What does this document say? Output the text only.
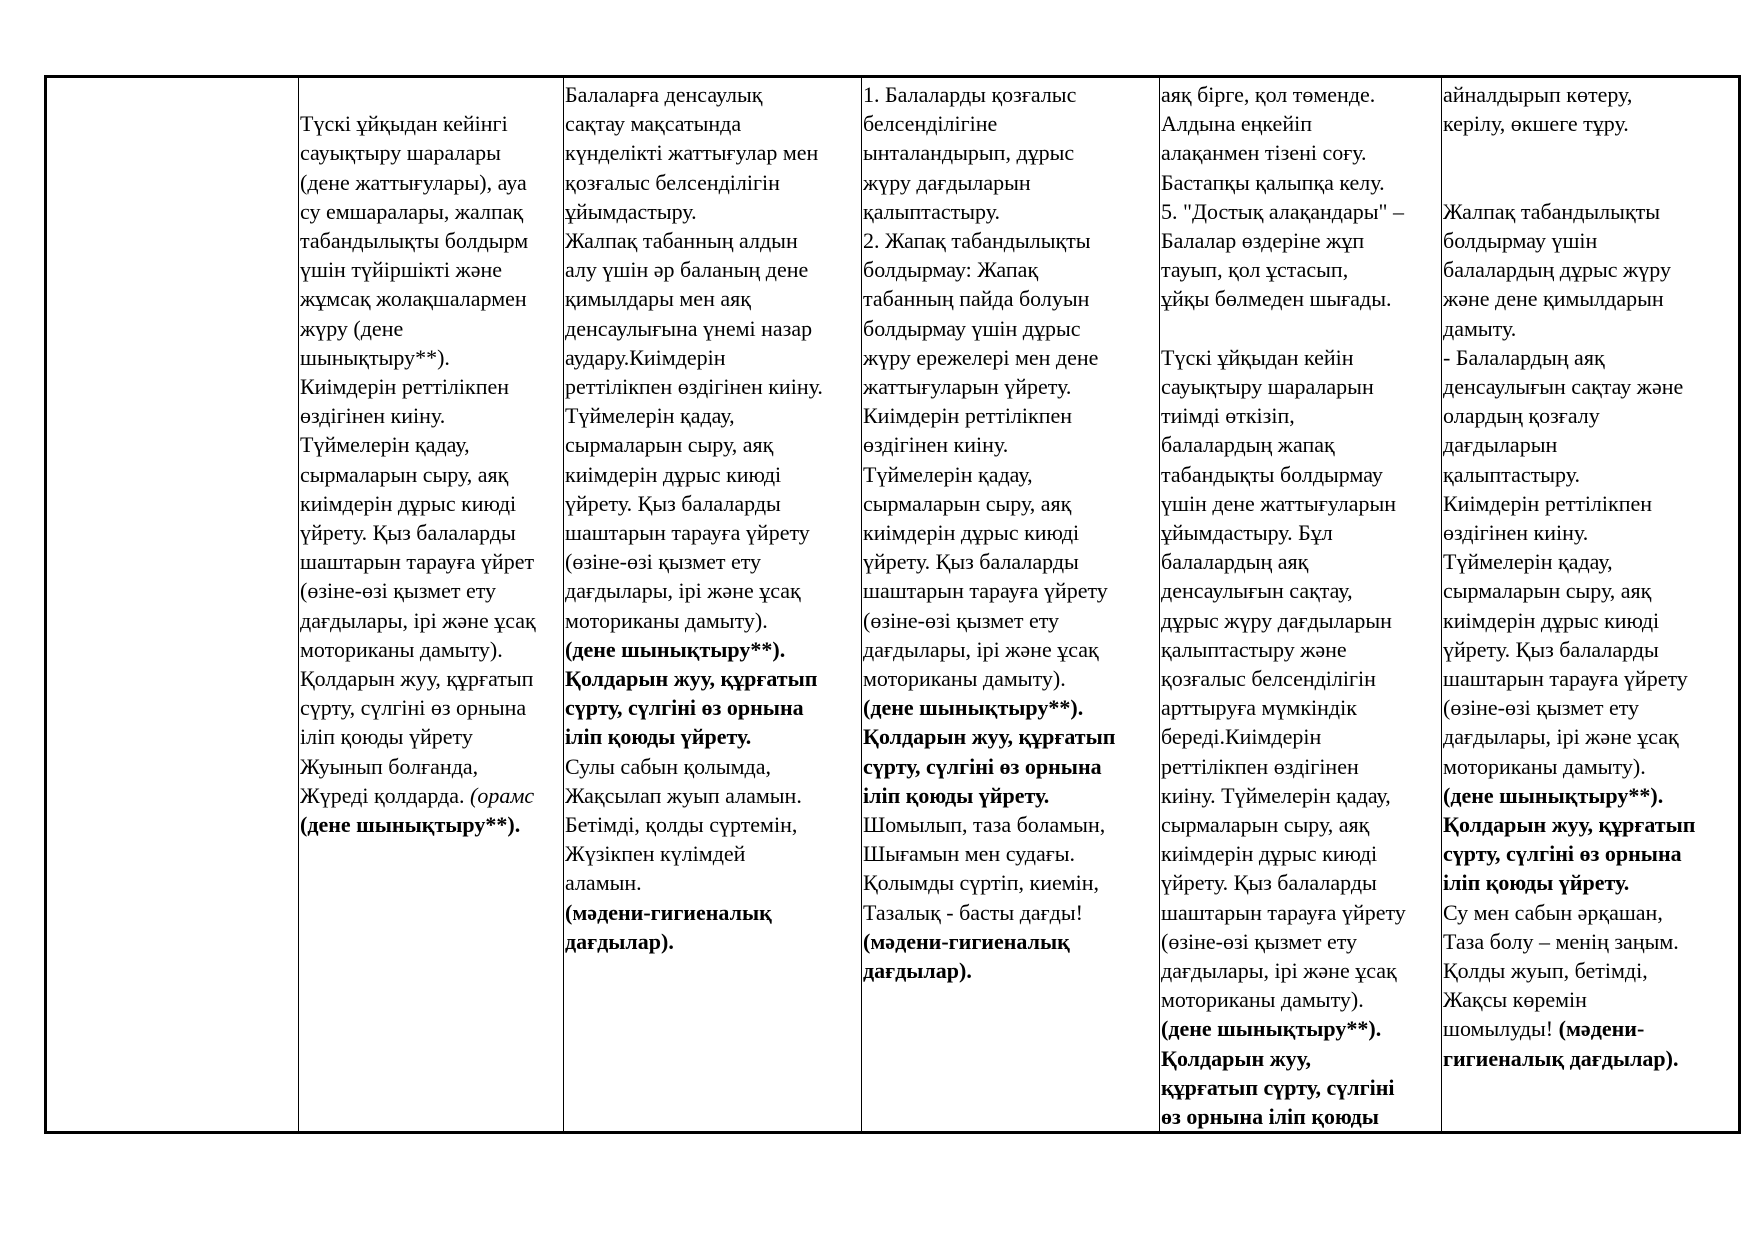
Түскі ұйқыдан кейінгі
сауықтыру шаралары
(дене жаттығулары), ауа
су емшаралары, жалпақ
табандылықты болдырм
үшін түйіршікті және
жұмсақ жолақшалармен
жүру (дене
шынықтыру**).
Киімдерін реттілікпен
өздігінен киіну.
Түймелерін қадау,
сырмаларын сыру, аяқ
киімдерін дұрыс киюді
үйрету. Қыз балаларды
шаштарын тарауға үйрет
(өзіне-өзі қызмет ету
дағдылары, ірі және ұсақ
моториканы дамыту).
Қолдарын жуу, құрғатып
сүрту, сүлгіні өз орнына
іліп қоюды үйрету
Жуынып болғанда,
Жүреді қолдарда. (орамс
(дене шынықтыру**).

Балаларға денсаулық
сақтау мақсатында
күнделікті жаттығулар мен
қозғалыс белсенділігін
ұйымдастыру.
Жалпақ табанның алдын
алу үшін әр баланың дене
қимылдары мен аяқ
денсаулығына үнемі назар
аудару.Киімдерін
реттілікпен өздігінен киіну.
Түймелерін қадау,
сырмаларын сыру, аяқ
киімдерін дұрыс киюді
үйрету. Қыз балаларды
шаштарын тарауға үйрету
(өзіне-өзі қызмет ету
дағдылары, ірі және ұсақ
моториканы дамыту).
(дене шынықтыру**).
Қолдарын жуу, құрғатып
сүрту, сүлгіні өз орнына
іліп қоюды үйрету.
Сулы сабын қолымда,
Жақсылап жуып аламын.
Бетімді, қолды сүртемін,
Жүзікпен күлімдей
аламын.
(мәдени-гигиеналық
дағдылар).

1. Балаларды қозғалыс
белсенділігіне
ынталандырып, дұрыс
жүру дағдыларын
қалыптастыру.
2. Жапақ табандылықты
болдырмау: Жапақ
табанның пайда болуын
болдырмау үшін дұрыс
жүру ережелері мен дене
жаттығуларын үйрету.
Киімдерін реттілікпен
өздігінен киіну.
Түймелерін қадау,
сырмаларын сыру, аяқ
киімдерін дұрыс киюді
үйрету. Қыз балаларды
шаштарын тарауға үйрету
(өзіне-өзі қызмет ету
дағдылары, ірі және ұсақ
моториканы дамыту).
(дене шынықтыру**).
Қолдарын жуу, құрғатып
сүрту, сүлгіні өз орнына
іліп қоюды үйрету.
Шомылып, таза боламын,
Шығамын мен судағы.
Қолымды сүртіп, киемін,
Тазалық - басты дағды!
(мәдени-гигиеналық
дағдылар).

аяқ бірге, қол төменде.
Алдына еңкейіп
алақанмен тізені соғу.
Бастапқы қалыпқа келу.
5. "Достық алақандары" –
Балалар өздеріне жұп
тауып, қол ұстасып,
ұйқы бөлмеден шығады.
Түскі ұйқыдан кейін
сауықтыру шараларын
тиімді өткізіп,
балалардың жапақ
табандықты болдырмау
үшін дене жаттығуларын
ұйымдастыру. Бұл
балалардың аяқ
денсаулығын сақтау,
дұрыс жүру дағдыларын
қалыптастыру және
қозғалыс белсенділігін
арттыруға мүмкіндік
береді.Киімдерін
реттілікпен өздігінен
киіну. Түймелерін қадау,
сырмаларын сыру, аяқ
киімдерін дұрыс киюді
үйрету. Қыз балаларды
шаштарын тарауға үйрету
(өзіне-өзі қызмет ету
дағдылары, ірі және ұсақ
моториканы дамыту).
(дене шынықтыру**).
Қолдарын жуу,
құрғатып сүрту, сүлгіні
өз орнына іліп қоюды

айналдырып көтеру,
керілу, өкшеге тұру.
Жалпақ табандылықты
болдырмау үшін
балалардың дұрыс жүру
және дене қимылдарын
дамыту.
- Балалардың аяқ
денсаулығын сақтау және
олардың қозғалу
дағдыларын
қалыптастыру.
Киімдерін реттілікпен
өздігінен киіну.
Түймелерін қадау,
сырмаларын сыру, аяқ
киімдерін дұрыс киюді
үйрету. Қыз балаларды
шаштарын тарауға үйрету
(өзіне-өзі қызмет ету
дағдылары, ірі және ұсақ
моториканы дамыту).
(дене шынықтыру**).
Қолдарын жуу, құрғатып
сүрту, сүлгіні өз орнына
іліп қоюды үйрету.
Су мен сабын әрқашан,
Таза болу – менің заңым.
Қолды жуып, бетімді,
Жақсы көремін
шомылуды! (мәдени-
гигиеналық дағдылар).
